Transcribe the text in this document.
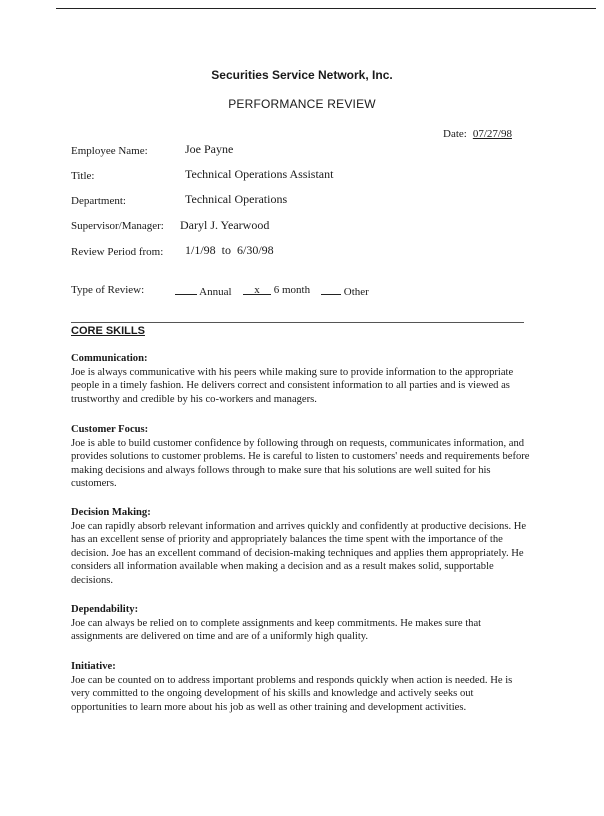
Securities Service Network, Inc.
PERFORMANCE REVIEW
Date: 07/27/98
Employee Name:	Joe Payne
Title:	Technical Operations Assistant
Department:	Technical Operations
Supervisor/Manager: Daryl J. Yearwood
Review Period from: 1/1/98  to  6/30/98
Type of Review:	Annual	x 6 month	Other
CORE SKILLS
Communication:

Joe is always communicative with his peers while making sure to provide information to the appropriate people in a timely fashion. He delivers correct and consistent information to all parties and is viewed as trustworthy and credible by his co-workers and managers.

Customer Focus:

Joe is able to build customer confidence by following through on requests, communicates information, and provides solutions to customer problems. He is careful to listen to customers' needs and requirements before making decisions and always follows through to make sure that his solutions are well suited for his customers.

Decision Making:

Joe can rapidly absorb relevant information and arrives quickly and confidently at productive decisions. He has an excellent sense of priority and appropriately balances the time spent with the importance of the decision. Joe has an excellent command of decision-making techniques and applies them appropriately. He considers all information available when making a decision and as a result makes solid, supportable decisions.

Dependability:

Joe can always be relied on to complete assignments and keep commitments. He makes sure that assignments are delivered on time and are of a uniformly high quality.

Initiative:

Joe can be counted on to address important problems and responds quickly when action is needed. He is very committed to the ongoing development of his skills and knowledge and actively seeks out opportunities to learn more about his job as well as other training and development activities.
